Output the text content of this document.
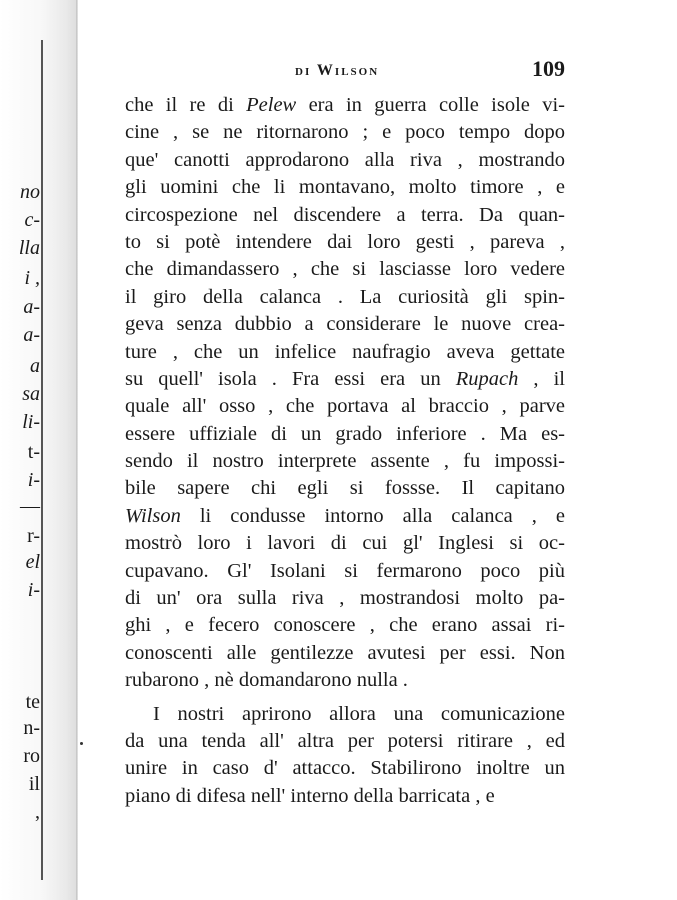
no
c-
lla
i ,
a-
a-
a
sa
li-
t-
i-
—
r-
el
i-
te
n-
ro
il
,
di Wilson	109
che il re di Pelew era in guerra colle isole vi-
cine , se ne ritornarono ; e poco tempo dopo
que' canotti approdarono alla riva , mostrando
gli uomini che li montavano, molto timore , e
circospezione nel discendere a terra. Da quan-
to si potè intendere dai loro gesti , pareva ,
che dimandassero , che si lasciasse loro vedere
il giro della calanca . La curiosità gli spin-
geva senza dubbio a considerare le nuove crea-
ture , che un infelice naufragio aveva gettate
su quell' isola . Fra essi era un Rupach , il
quale all' osso , che portava al braccio , parve
essere uffiziale di un grado inferiore . Ma es-
sendo il nostro interprete assente , fu impossi-
bile sapere chi egli si fossse. Il capitano
Wilson li condusse intorno alla calanca , e
mostrò loro i lavori di cui gl' Inglesi si oc-
cupavano. Gl' Isolani si fermarono poco più
di un' ora sulla riva , mostrandosi molto pa-
ghi , e fecero conoscere , che erano assai ri-
conoscenti alle gentilezze avutesi per essi. Non
rubarono , nè domandarono nulla .
I nostri aprirono allora una comunicazione
da una tenda all' altra per potersi ritirare , ed
unire in caso d' attacco. Stabilirono inoltre un
piano di difesa nell' interno della barricata , e
